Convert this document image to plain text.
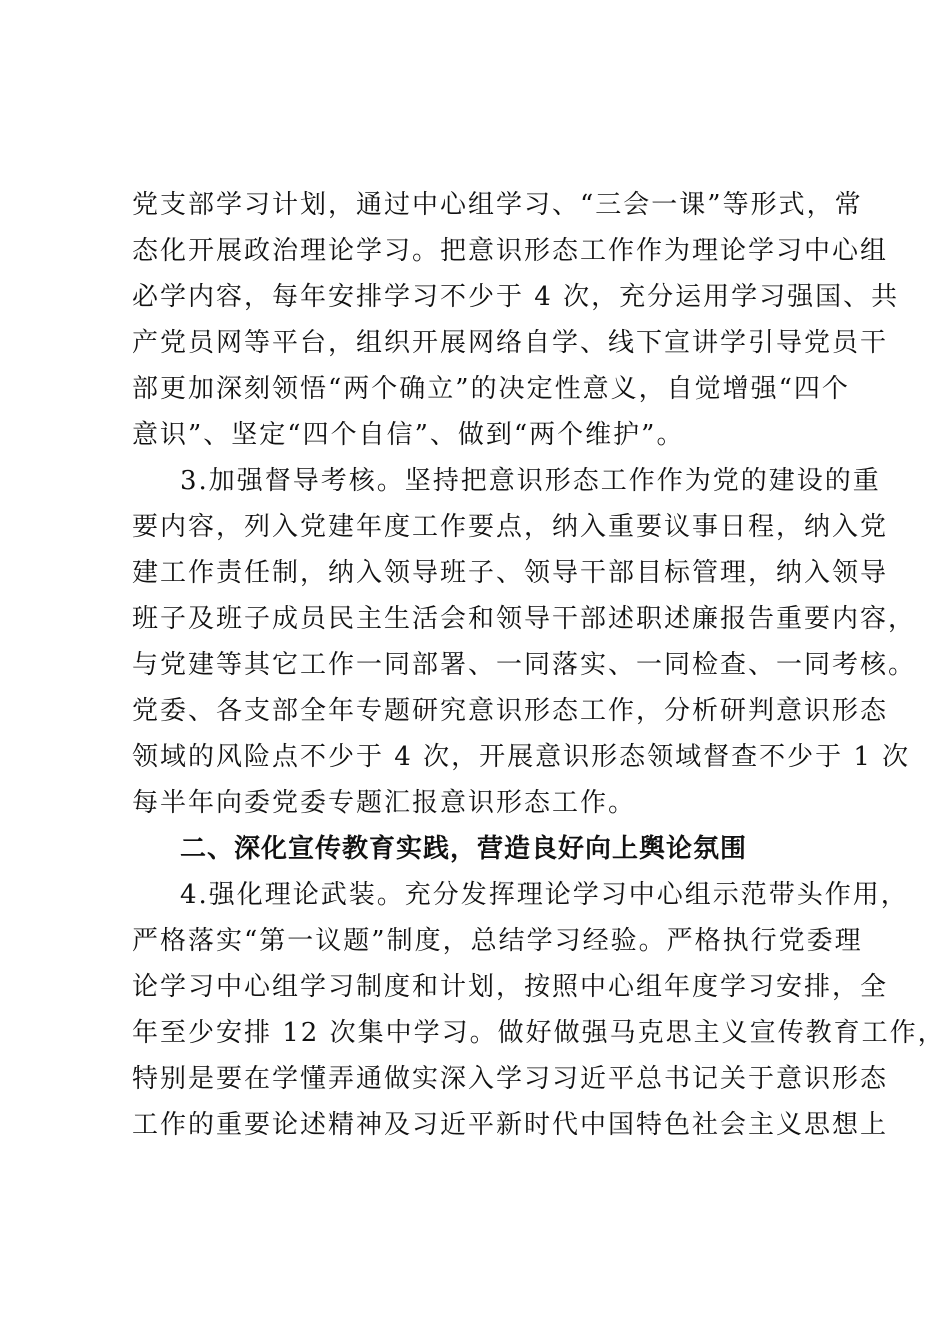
党支部学习计划，通过中心组学习、“三会一课”等形式，常
态化开展政治理论学习。把意识形态工作作为理论学习中心组
必学内容，每年安排学习不少于 4 次，充分运用学习强国、共
产党员网等平台，组织开展网络自学、线下宣讲学引导党员干
部更加深刻领悟“两个确立”的决定性意义，自觉增强“四个
意识”、坚定“四个自信”、做到“两个维护”。
3.加强督导考核。坚持把意识形态工作作为党的建设的重
要内容，列入党建年度工作要点，纳入重要议事日程，纳入党
建工作责任制，纳入领导班子、领导干部目标管理，纳入领导
班子及班子成员民主生活会和领导干部述职述廉报告重要内容，
与党建等其它工作一同部署、一同落实、一同检查、一同考核。
党委、各支部全年专题研究意识形态工作，分析研判意识形态
领域的风险点不少于 4 次，开展意识形态领域督查不少于 1 次
每半年向委党委专题汇报意识形态工作。
二、深化宣传教育实践，营造良好向上舆论氛围
4.强化理论武装。充分发挥理论学习中心组示范带头作用，
严格落实“第一议题”制度，总结学习经验。严格执行党委理
论学习中心组学习制度和计划，按照中心组年度学习安排，全
年至少安排 12 次集中学习。做好做强马克思主义宣传教育工作，
特别是要在学懂弄通做实深入学习习近平总书记关于意识形态
工作的重要论述精神及习近平新时代中国特色社会主义思想上
